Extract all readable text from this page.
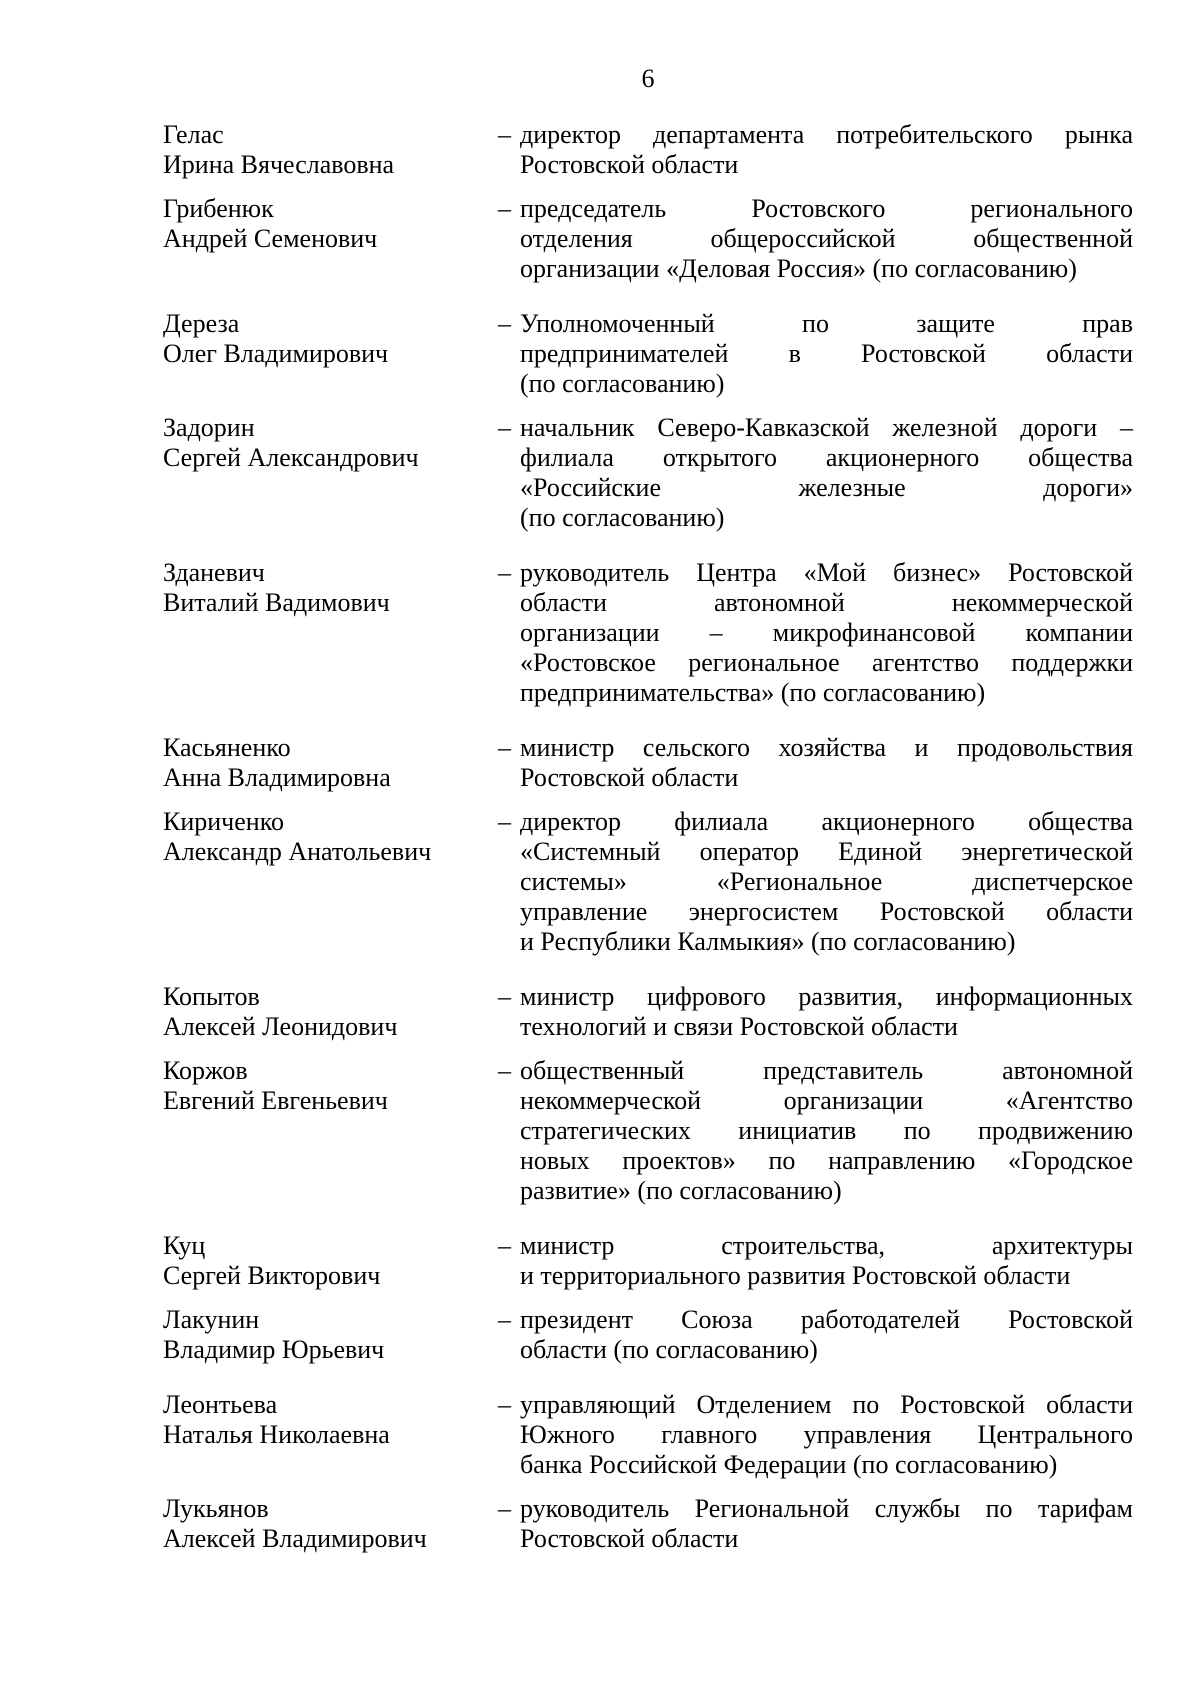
6
Гелас
Ирина Вячеславовна
– директор департамента потребительского рынка
Ростовской области
Грибенюк
Андрей Семенович
– председатель Ростовского регионального
отделения общероссийской общественной
организации «Деловая Россия» (по согласованию)
Дереза
Олег Владимирович
– Уполномоченный по защите прав
предпринимателей в Ростовской области
(по согласованию)
Задорин
Сергей Александрович
– начальник Северо-Кавказской железной дороги –
филиала открытого акционерного общества
«Российские железные дороги»
(по согласованию)
Зданевич
Виталий Вадимович
– руководитель Центра «Мой бизнес» Ростовской
области автономной некоммерческой
организации – микрофинансовой компании
«Ростовское региональное агентство поддержки
предпринимательства» (по согласованию)
Касьяненко
Анна Владимировна
– министр сельского хозяйства и продовольствия
Ростовской области
Кириченко
Александр Анатольевич
– директор филиала акционерного общества
«Системный оператор Единой энергетической
системы» «Региональное диспетчерское
управление энергосистем Ростовской области
и Республики Калмыкия» (по согласованию)
Копытов
Алексей Леонидович
– министр цифрового развития, информационных
технологий и связи Ростовской области
Коржов
Евгений Евгеньевич
– общественный представитель автономной
некоммерческой организации «Агентство
стратегических инициатив по продвижению
новых проектов» по направлению «Городское
развитие» (по согласованию)
Куц
Сергей Викторович
– министр строительства, архитектуры
и территориального развития Ростовской области
Лакунин
Владимир Юрьевич
– президент Союза работодателей Ростовской
области (по согласованию)
Леонтьева
Наталья Николаевна
– управляющий Отделением по Ростовской области
Южного главного управления Центрального
банка Российской Федерации (по согласованию)
Лукьянов
Алексей Владимирович
– руководитель Региональной службы по тарифам
Ростовской области
